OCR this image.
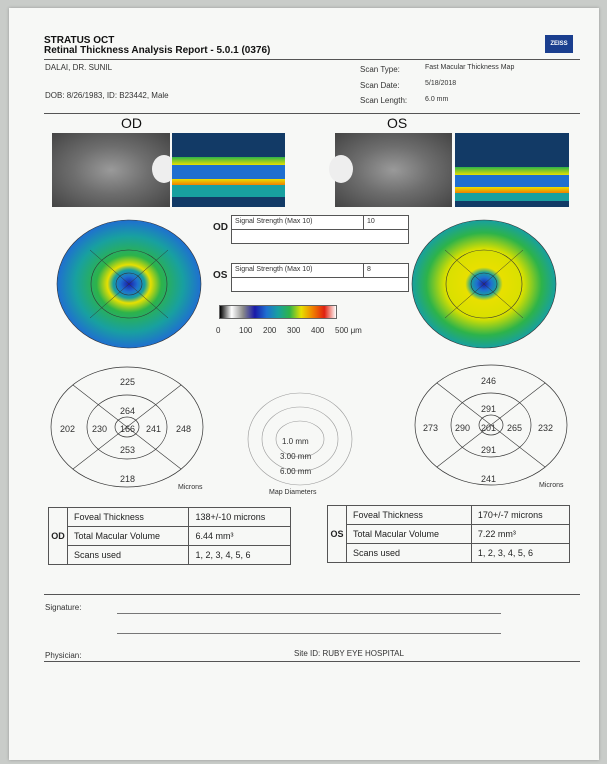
STRATUS OCT
Retinal Thickness Analysis Report - 5.0.1 (0376)
ZEISS
DALAI, DR. SUNIL
DOB: 8/26/1983, ID: B23442, Male
Scan Type:	Fast Macular Thickness Map
Scan Date:	5/18/2018
Scan Length:	6.0 mm
OD	OS
OD
Signal Strength (Max 10)	10
OS
Signal Strength (Max 10)	8
0 100 200 300 400 500 μm
225
264
202 230 166 241 248
253
218
Microns
1.0 mm
3.00 mm
6.00 mm
Map Diameters
246
291
273 290 201 265 232
291
241
Microns
OD	Foveal Thickness	138+/-10 microns
	Total Macular Volume	6.44 mm³
	Scans used	1, 2, 3, 4, 5, 6
OS	Foveal Thickness	170+/-7 microns
	Total Macular Volume	7.22 mm³
	Scans used	1, 2, 3, 4, 5, 6
Signature:
Physician:	Site ID: RUBY EYE HOSPITAL
